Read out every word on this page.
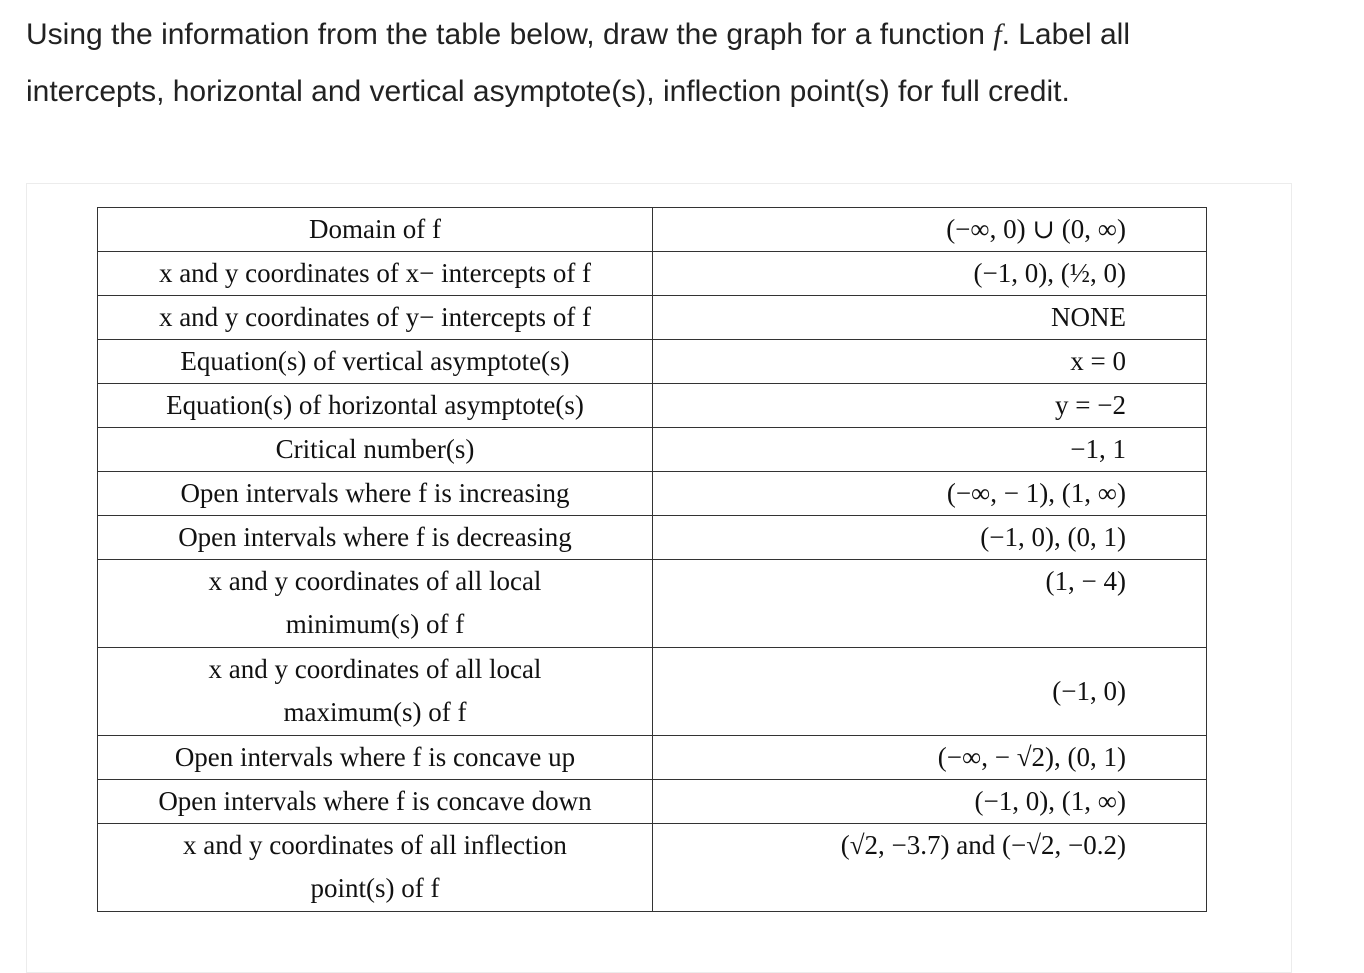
Using the information from the table below, draw the graph for a function f. Label all
intercepts, horizontal and vertical asymptote(s), inflection point(s) for full credit.
Domain of f	(−∞, 0) ∪ (0, ∞)
x and y coordinates of x− intercepts of f	(−1, 0), (½, 0)
x and y coordinates of y− intercepts of f	NONE
Equation(s) of vertical asymptote(s)	x = 0
Equation(s) of horizontal asymptote(s)	y = −2
Critical number(s)	−1, 1
Open intervals where f is increasing	(−∞, − 1), (1, ∞)
Open intervals where f is decreasing	(−1, 0), (0, 1)

x and y coordinates of all local
minimum(s) of f	(1, − 4)

x and y coordinates of all local
maximum(s) of f	(−1, 0)
Open intervals where f is concave up	(−∞, − √2), (0, 1)
Open intervals where f is concave down	(−1, 0), (1, ∞)

x and y coordinates of all inflection
point(s) of f	(√2, −3.7) and (−√2, −0.2)
